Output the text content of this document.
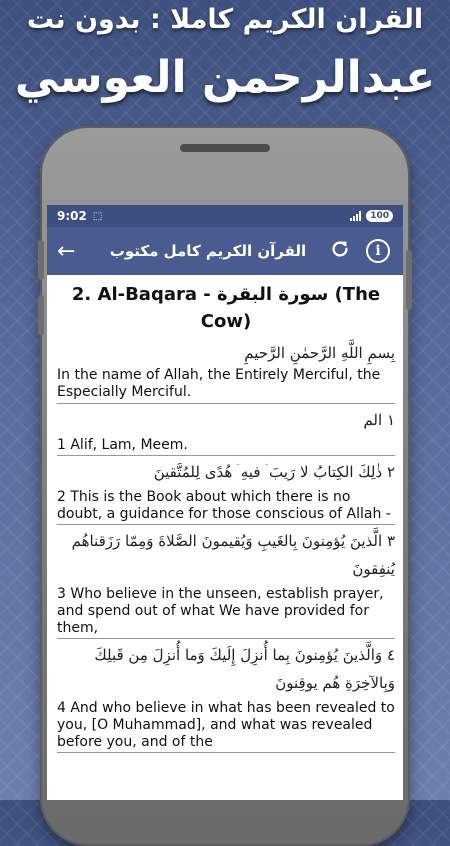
القران الكريم كاملا : بدون نت
عبدالرحمن العوسي
9:02 ⬚	100
←	القرآن الكريم كامل مكتوب	i
2. Al-Baqara - سورة البقرة (The Cow)
بِسمِ اللَّهِ الرَّحمٰنِ الرَّحيمِ
In the name of Allah, the Entirely Merciful, the Especially Merciful.
١ الم
1 Alif, Lam, Meem.
٢ ذٰلِكَ الكِتابُ لا رَيبَ ۛ فيهِ ۛ هُدًى لِلمُتَّقينَ
2 This is the Book about which there is no doubt, a guidance for those conscious of Allah -
٣ الَّذينَ يُؤمِنونَ بِالغَيبِ وَيُقيمونَ الصَّلاةَ وَمِمّا رَزَقناهُم يُنفِقونَ
3 Who believe in the unseen, establish prayer, and spend out of what We have provided for them,
٤ وَالَّذينَ يُؤمِنونَ بِما أُنزِلَ إِلَيكَ وَما أُنزِلَ مِن قَبلِكَ وَبِالآخِرَةِ هُم يوقِنونَ
4 And who believe in what has been revealed to you, [O Muhammad], and what was revealed before you, and of the
